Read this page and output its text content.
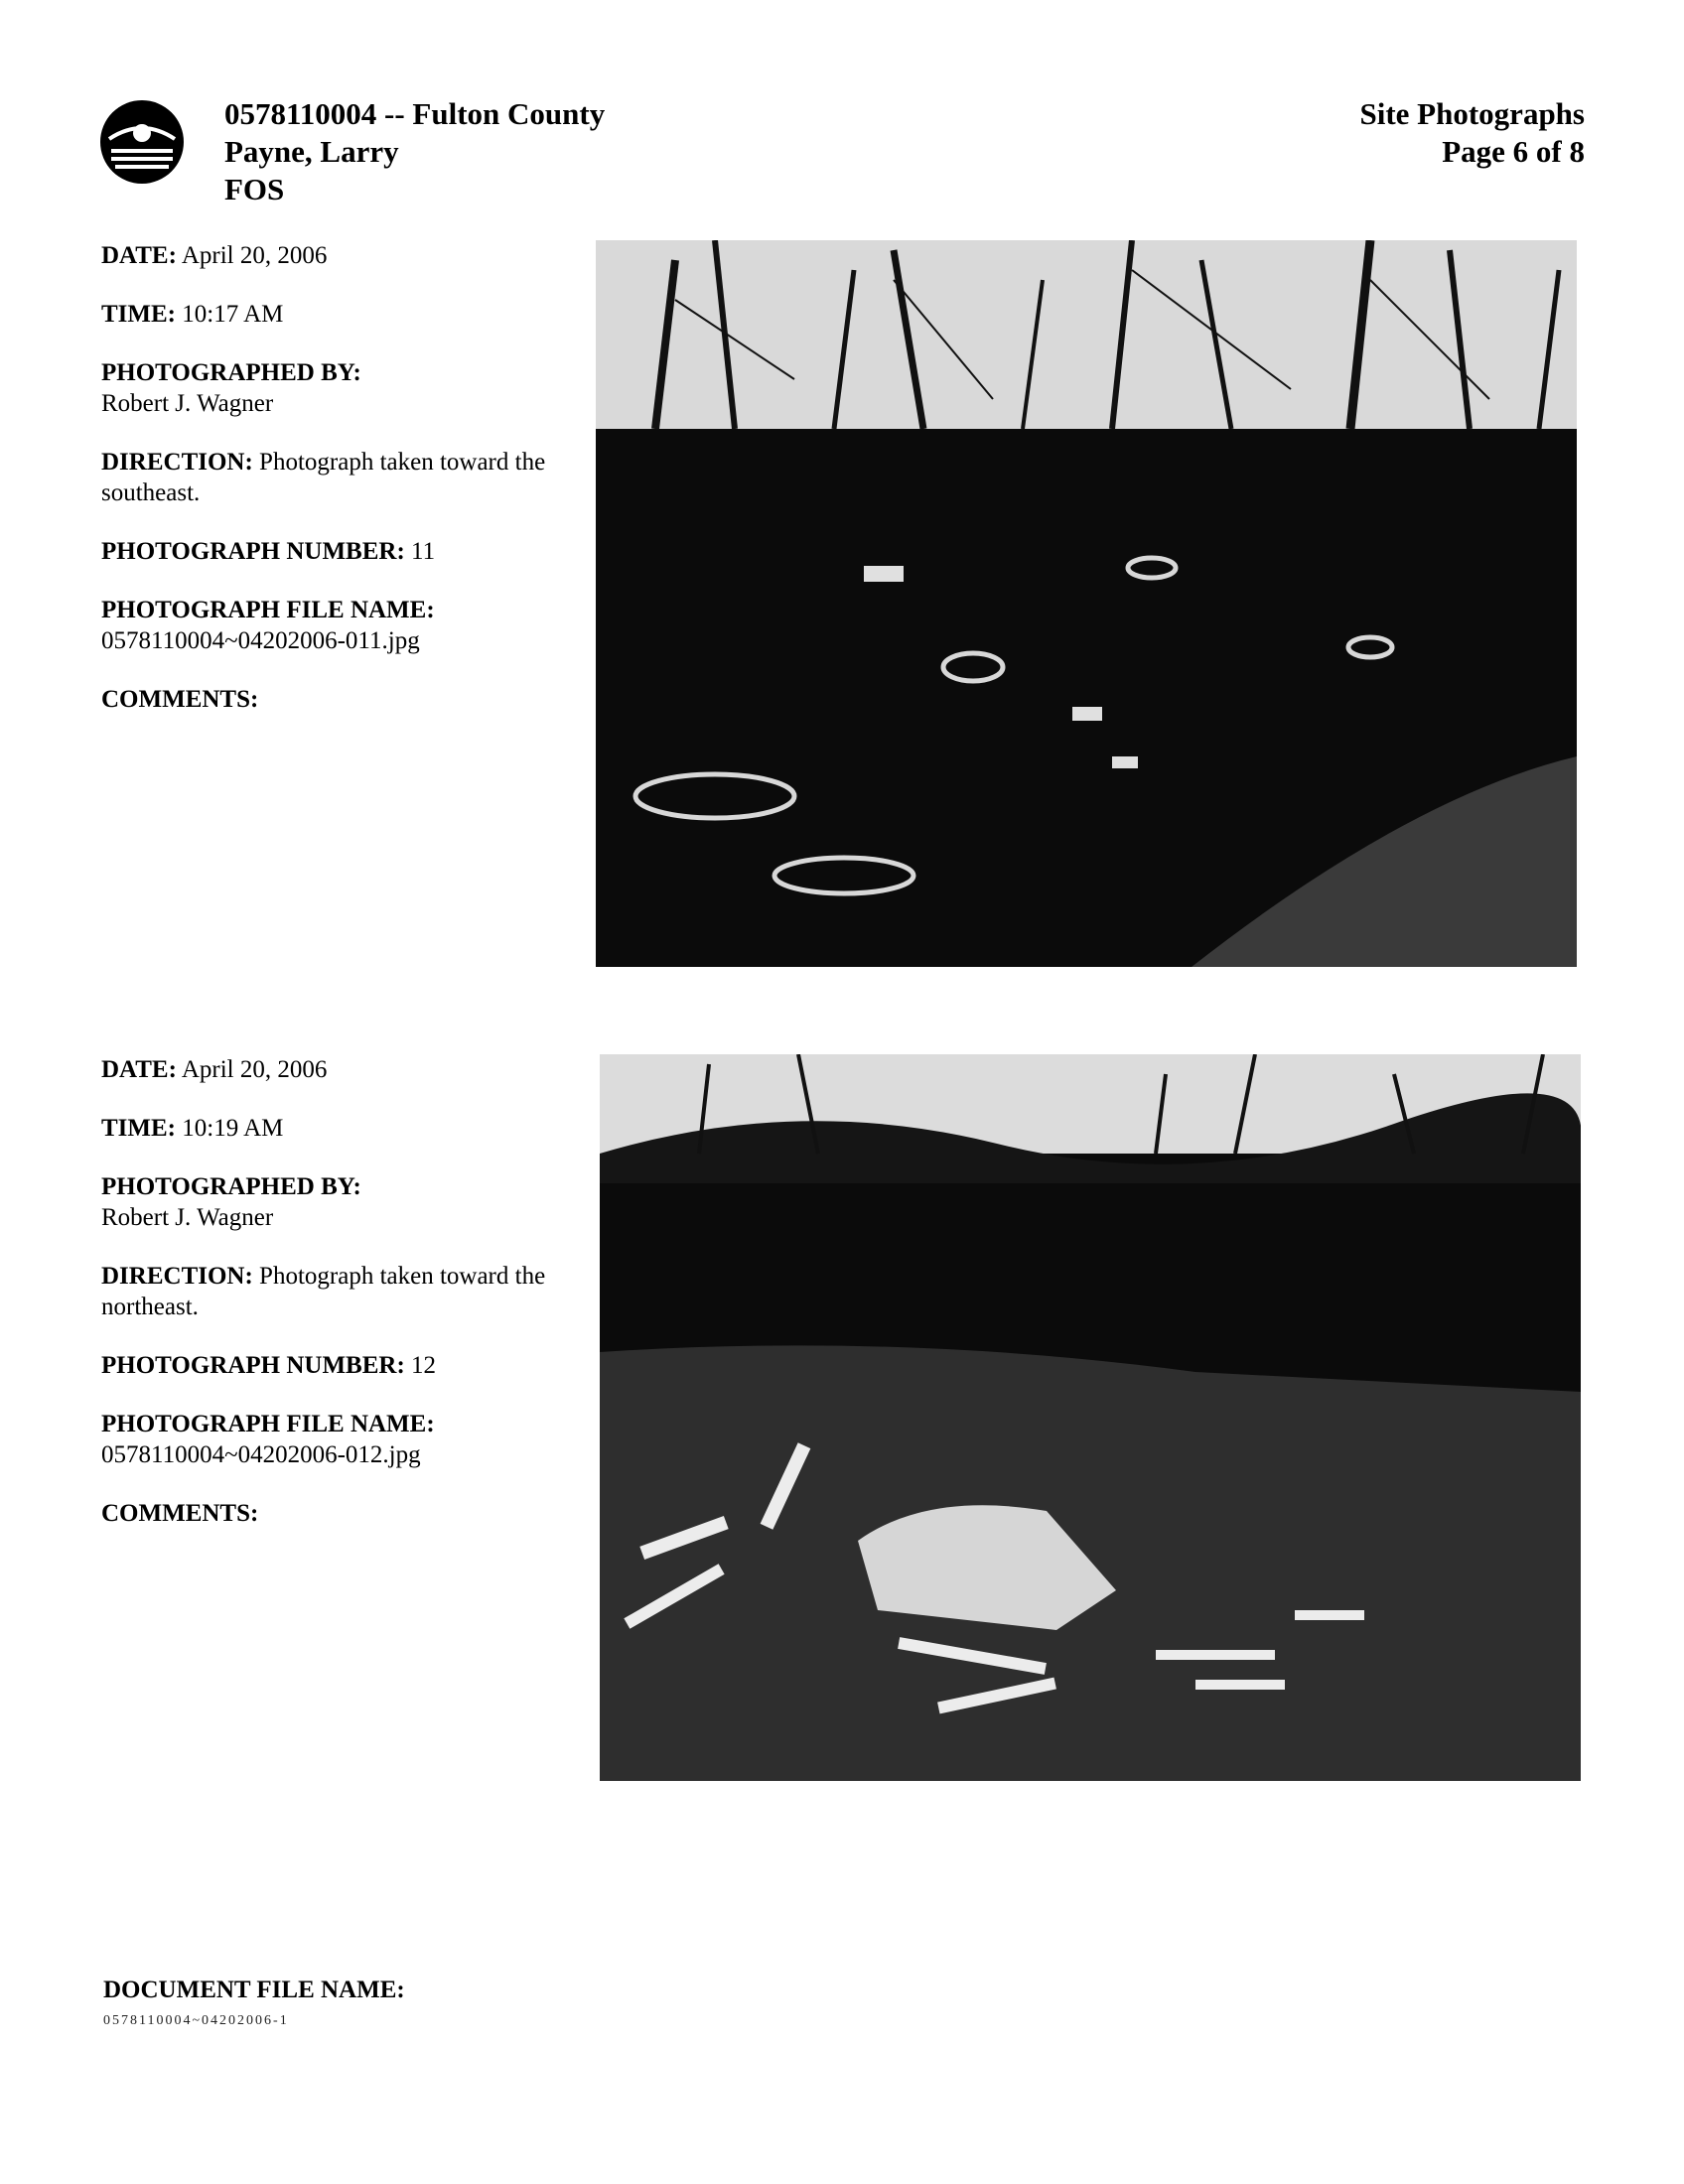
0578110004 -- Fulton County
Payne, Larry
FOS
Site Photographs
Page 6 of 8
DATE: April 20, 2006
TIME: 10:17 AM
PHOTOGRAPHED BY:
Robert J. Wagner
DIRECTION: Photograph taken toward the southeast.
PHOTOGRAPH NUMBER: 11
PHOTOGRAPH FILE NAME:
0578110004~04202006-011.jpg
COMMENTS:
DATE: April 20, 2006
TIME: 10:19 AM
PHOTOGRAPHED BY:
Robert J. Wagner
DIRECTION: Photograph taken toward the northeast.
PHOTOGRAPH NUMBER: 12
PHOTOGRAPH FILE NAME:
0578110004~04202006-012.jpg
COMMENTS:
DOCUMENT FILE NAME:
0578110004~04202006-1
